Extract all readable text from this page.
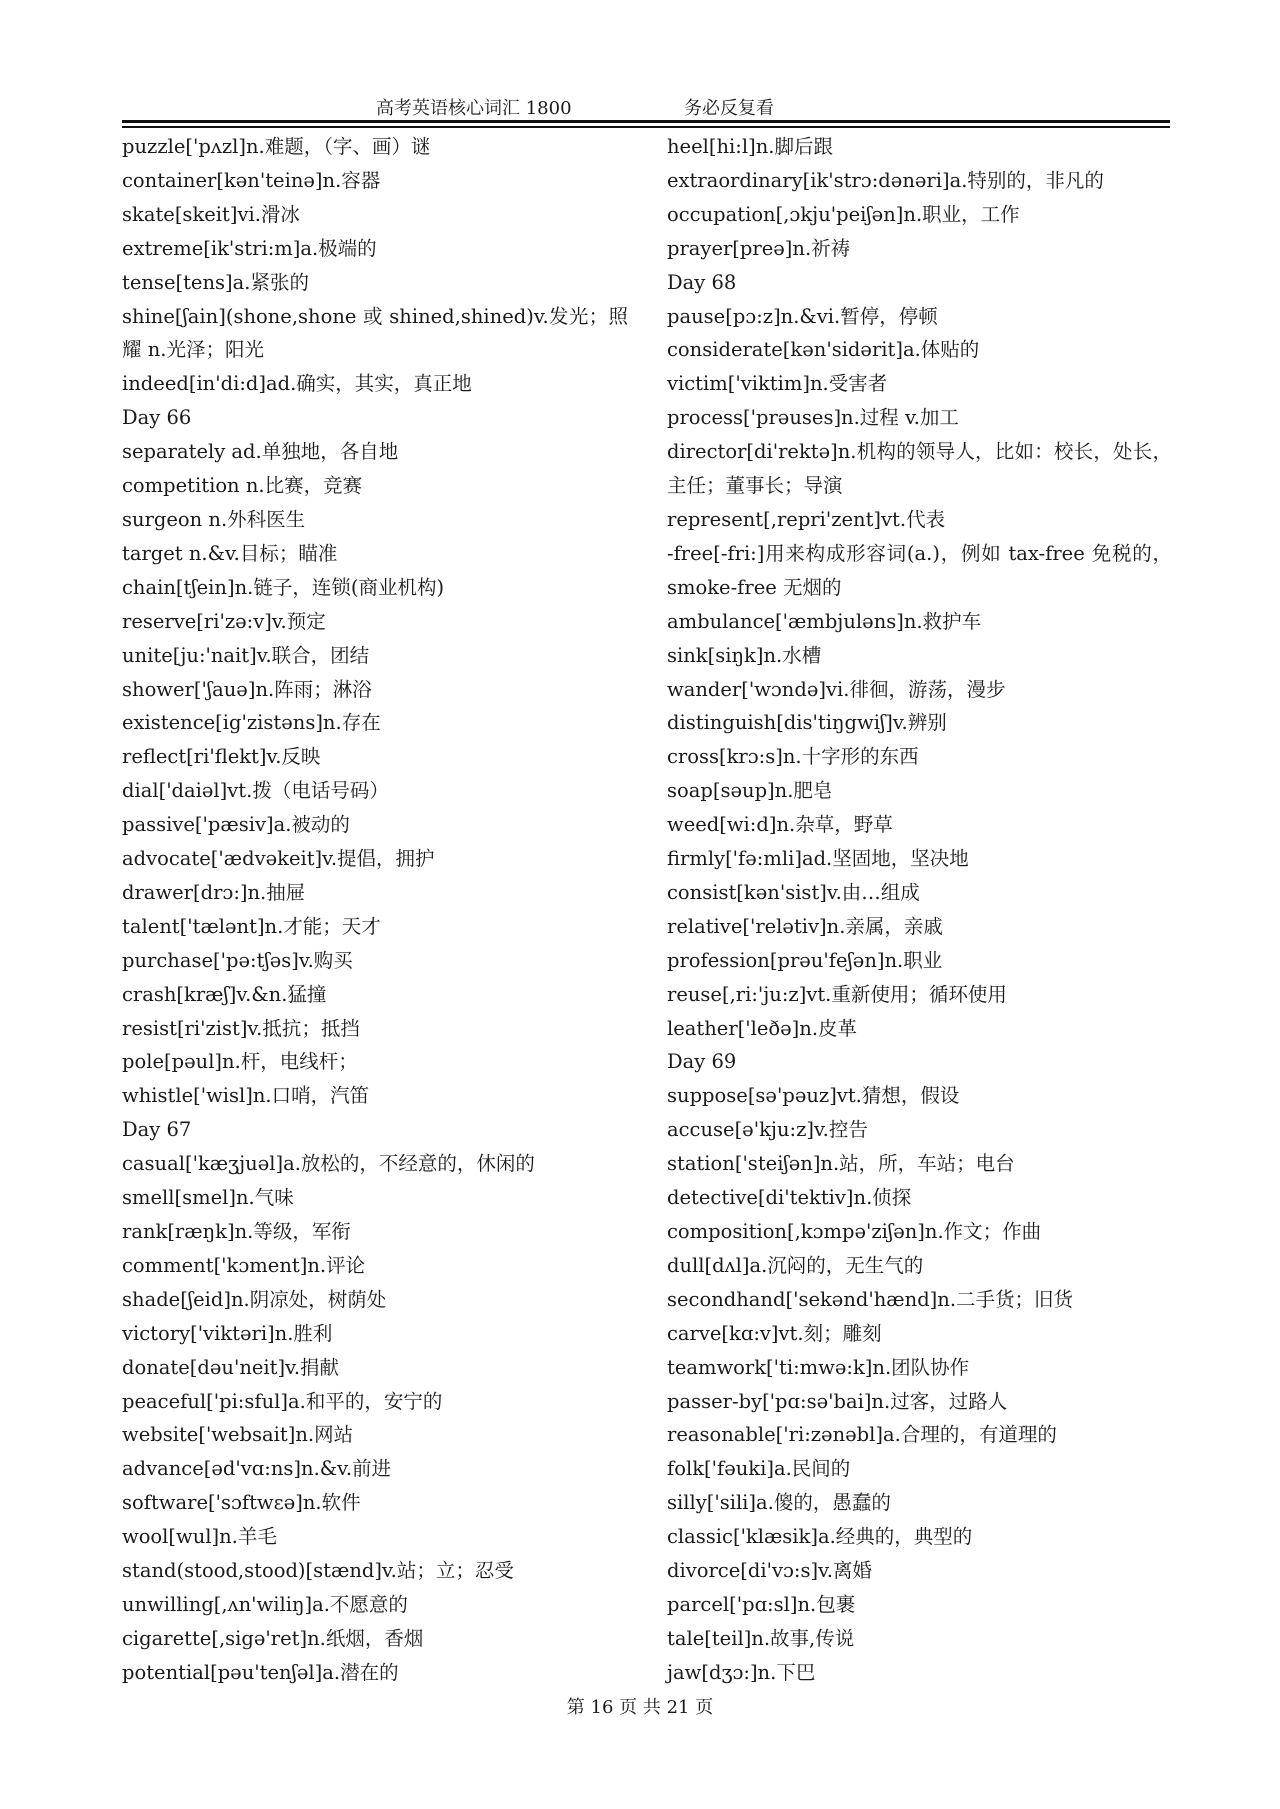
高考英语核心词汇 1800	务必反复看
puzzle['pʌzl]n.难题，（字、画）谜
container[kən'teinə]n.容器
skate[skeit]vi.滑冰
extreme[ik'stri:m]a.极端的
tense[tens]a.紧张的
shine[ʃain](shone,shone 或 shined,shined)v.发光；照耀 n.光泽；阳光
indeed[in'di:d]ad.确实，其实，真正地
Day 66
separately ad.单独地，各自地
competition n.比赛，竞赛
surgeon n.外科医生
target n.&v.目标；瞄准
chain[tʃein]n.链子，连锁(商业机构)
reserve[ri'zə:v]v.预定
unite[ju:'nait]v.联合，团结
shower['ʃauə]n.阵雨；淋浴
existence[ig'zistəns]n.存在
reflect[ri'flekt]v.反映
dial['daiəl]vt.拨（电话号码）
passive['pæsiv]a.被动的
advocate['ædvəkeit]v.提倡，拥护
drawer[drɔ:]n.抽屉
talent['tælənt]n.才能；天才
purchase['pə:tʃəs]v.购买
crash[kræʃ]v.&n.猛撞
resist[ri'zist]v.抵抗；抵挡
pole[pəul]n.杆，电线杆；
whistle['wisl]n.口哨，汽笛
Day 67
casual['kæʒjuəl]a.放松的，不经意的，休闲的
smell[smel]n.气味
rank[ræŋk]n.等级，军衔
comment['kɔment]n.评论
shade[ʃeid]n.阴凉处，树荫处
victory['viktəri]n.胜利
donate[dəu'neit]v.捐献
peaceful['pi:sful]a.和平的，安宁的
website['websait]n.网站
advance[əd'vɑ:ns]n.&v.前进
software['sɔftwεə]n.软件
wool[wul]n.羊毛
stand(stood,stood)[stænd]v.站；立；忍受
unwilling[,ʌn'wiliŋ]a.不愿意的
cigarette[,sigə'ret]n.纸烟，香烟
potential[pəu'tenʃəl]a.潜在的
heel[hi:l]n.脚后跟
extraordinary[ik'strɔ:dənəri]a.特别的，非凡的
occupation[,ɔkju'peiʃən]n.职业，工作
prayer[preə]n.祈祷
Day 68
pause[pɔ:z]n.&vi.暂停，停顿
considerate[kən'sidərit]a.体贴的
victim['viktim]n.受害者
process['prəuses]n.过程 v.加工
director[di'rektə]n.机构的领导人，比如：校长，处长，主任；董事长；导演
represent[,repri'zent]vt.代表
-free[-fri:]用来构成形容词(a.)，例如 tax-free 免税的，smoke-free 无烟的
ambulance['æmbjuləns]n.救护车
sink[siŋk]n.水槽
wander['wɔndə]vi.徘徊，游荡，漫步
distinguish[dis'tiŋgwiʃ]v.辨别
cross[krɔ:s]n.十字形的东西
soap[səup]n.肥皂
weed[wi:d]n.杂草，野草
firmly['fə:mli]ad.坚固地，坚决地
consist[kən'sist]v.由…组成
relative['relətiv]n.亲属，亲戚
profession[prəu'feʃən]n.职业
reuse[,ri:'ju:z]vt.重新使用；循环使用
leather['leðə]n.皮革
Day 69
suppose[sə'pəuz]vt.猜想，假设
accuse[ə'kju:z]v.控告
station['steiʃən]n.站，所，车站；电台
detective[di'tektiv]n.侦探
composition[,kɔmpə'ziʃən]n.作文；作曲
dull[dʌl]a.沉闷的，无生气的
secondhand['sekənd'hænd]n.二手货；旧货
carve[kɑ:v]vt.刻；雕刻
teamwork['ti:mwə:k]n.团队协作
passer-by['pɑ:sə'bai]n.过客，过路人
reasonable['ri:zənəbl]a.合理的，有道理的
folk['fəuki]a.民间的
silly['sili]a.傻的，愚蠢的
classic['klæsik]a.经典的，典型的
divorce[di'vɔ:s]v.离婚
parcel['pɑ:sl]n.包裹
tale[teil]n.故事,传说
jaw[dʒɔ:]n.下巴
第 16 页 共 21 页
